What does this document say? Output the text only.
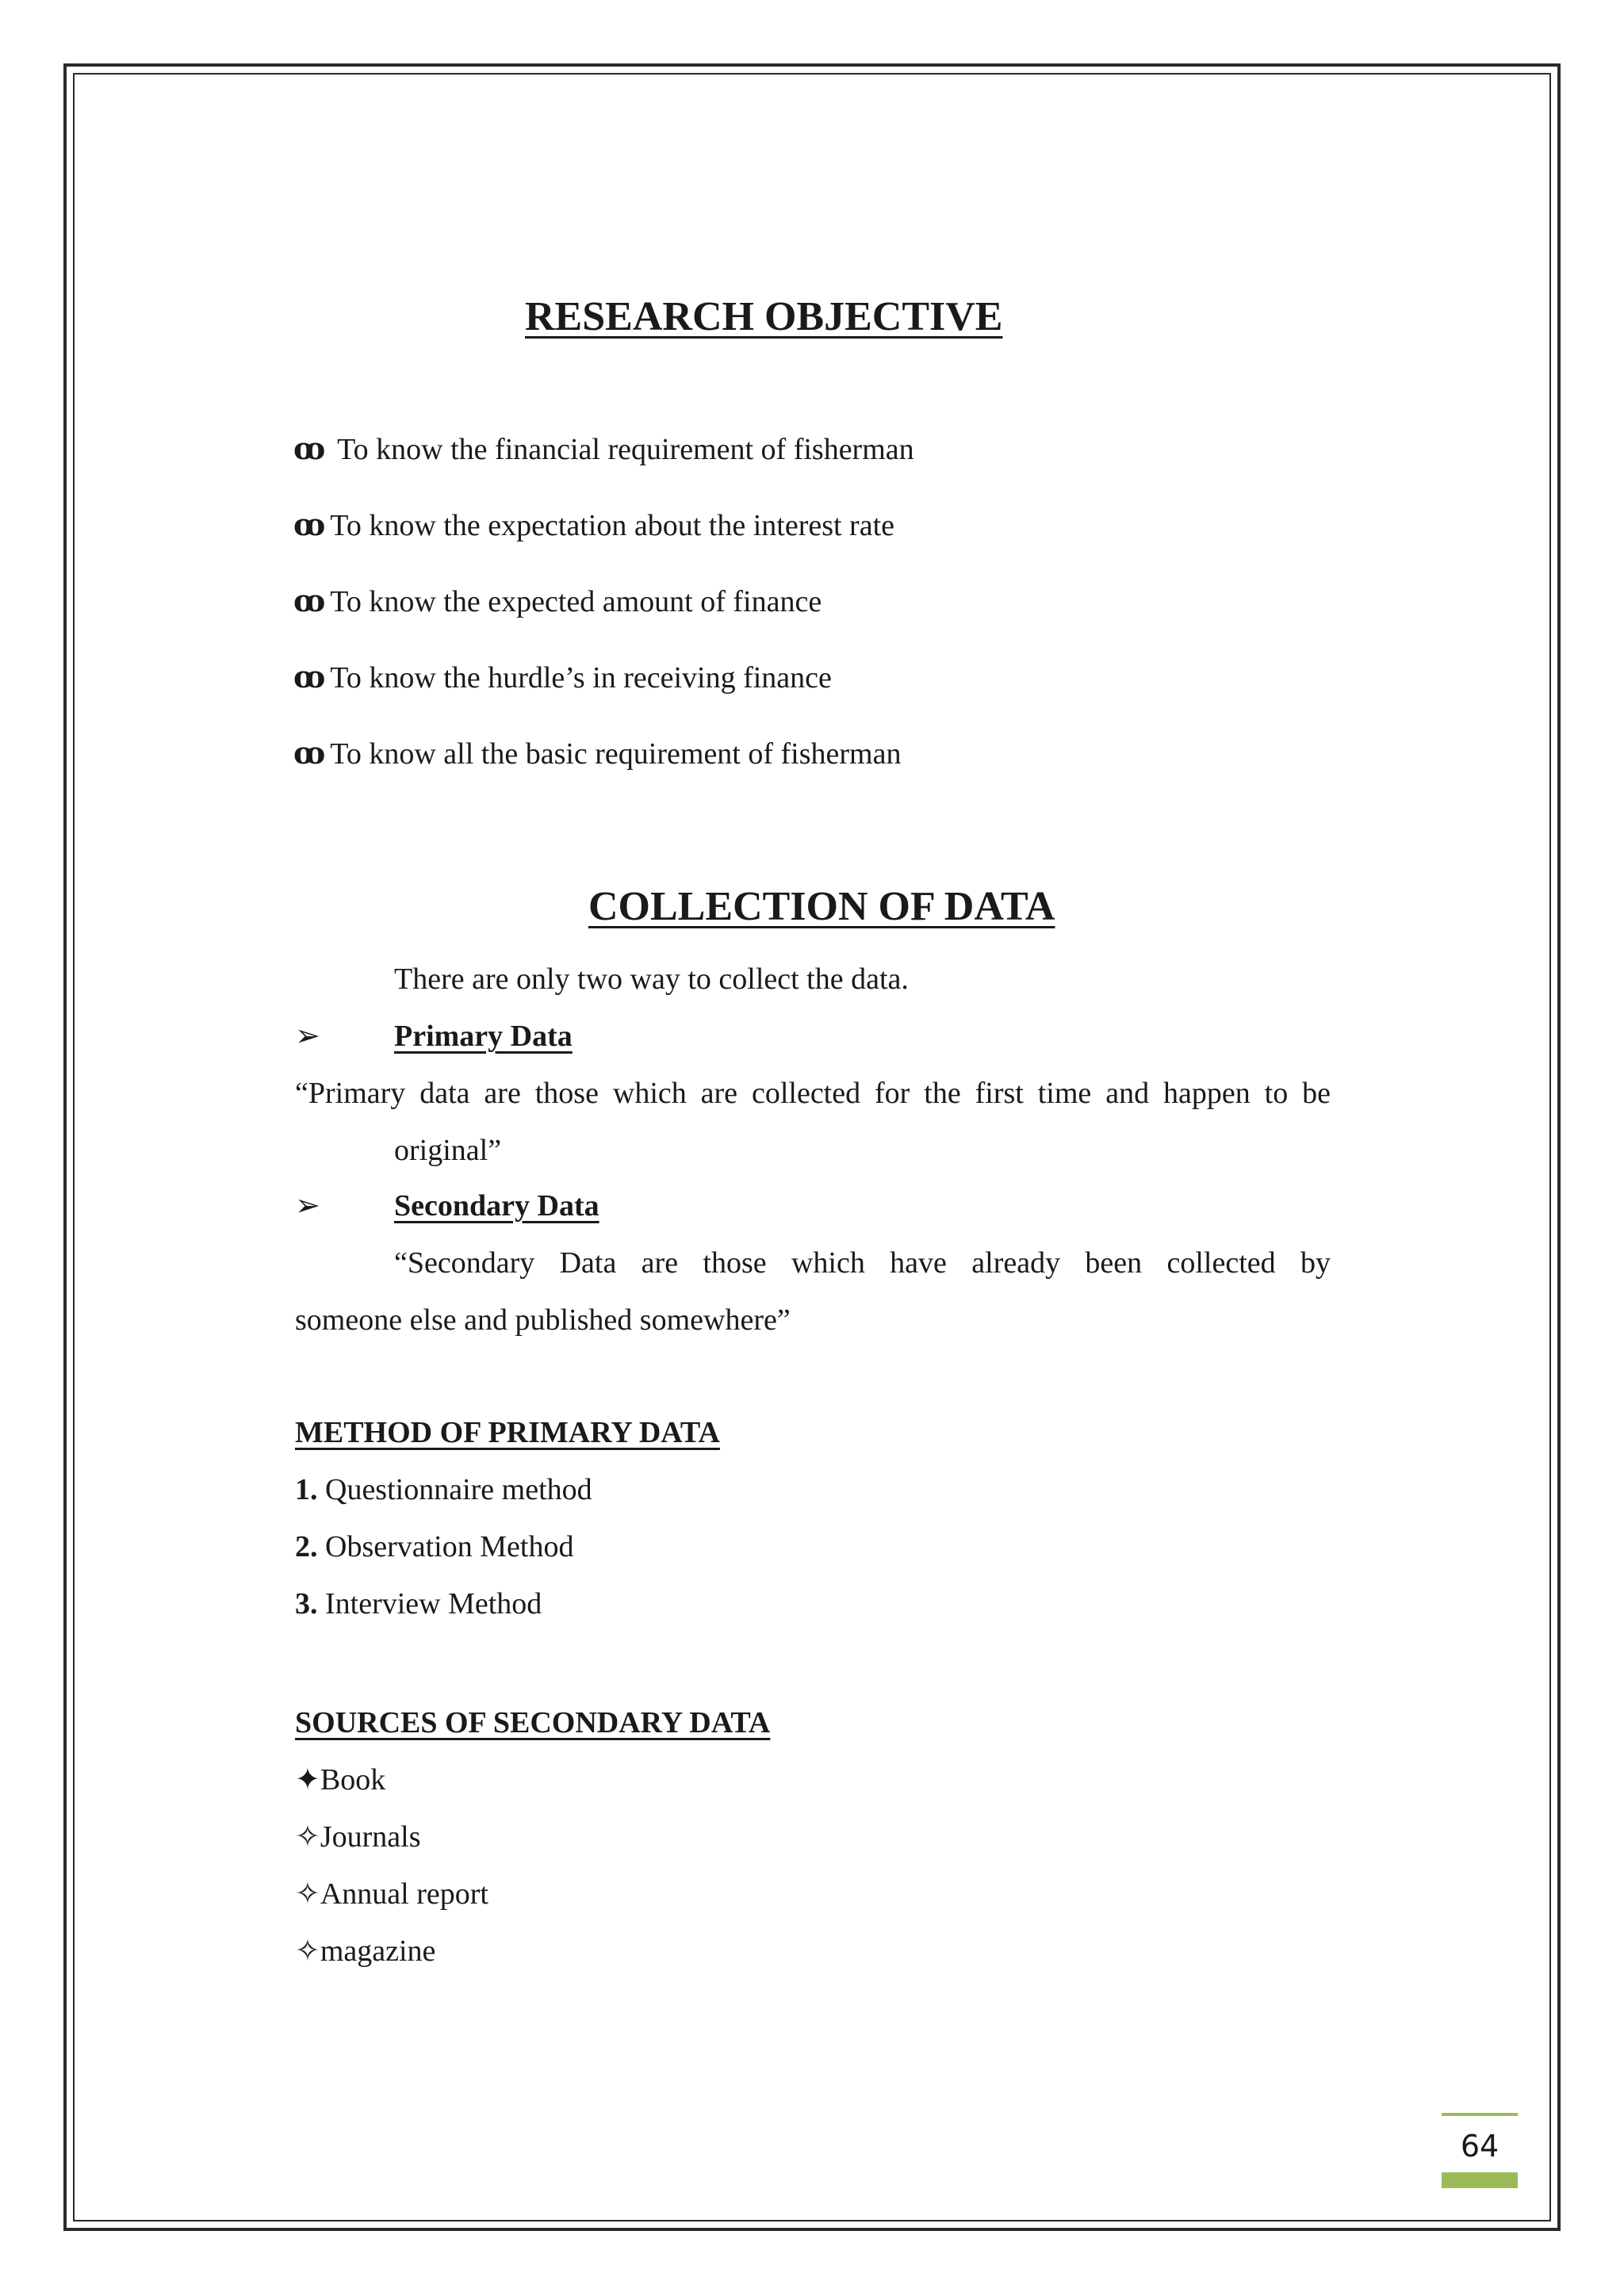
RESEARCH OBJECTIVE
ꝏ To know the financial requirement of fisherman
ꝏ To know the expectation about the interest rate
ꝏ To know the expected amount of finance
ꝏ To know the hurdle’s in receiving finance
ꝏ To know all the basic requirement of fisherman
COLLECTION OF DATA
There are only two way to collect the data.
➢ Primary Data
“Primary data are those which are collected for the first time and happen to be
original”
➢ Secondary Data
“Secondary Data are those which have already been collected by
someone else and published somewhere”
METHOD OF PRIMARY DATA
1. Questionnaire method
2. Observation Method
3. Interview Method
SOURCES OF SECONDARY DATA
✦Book
✧Journals
✧Annual report
✧magazine
64
